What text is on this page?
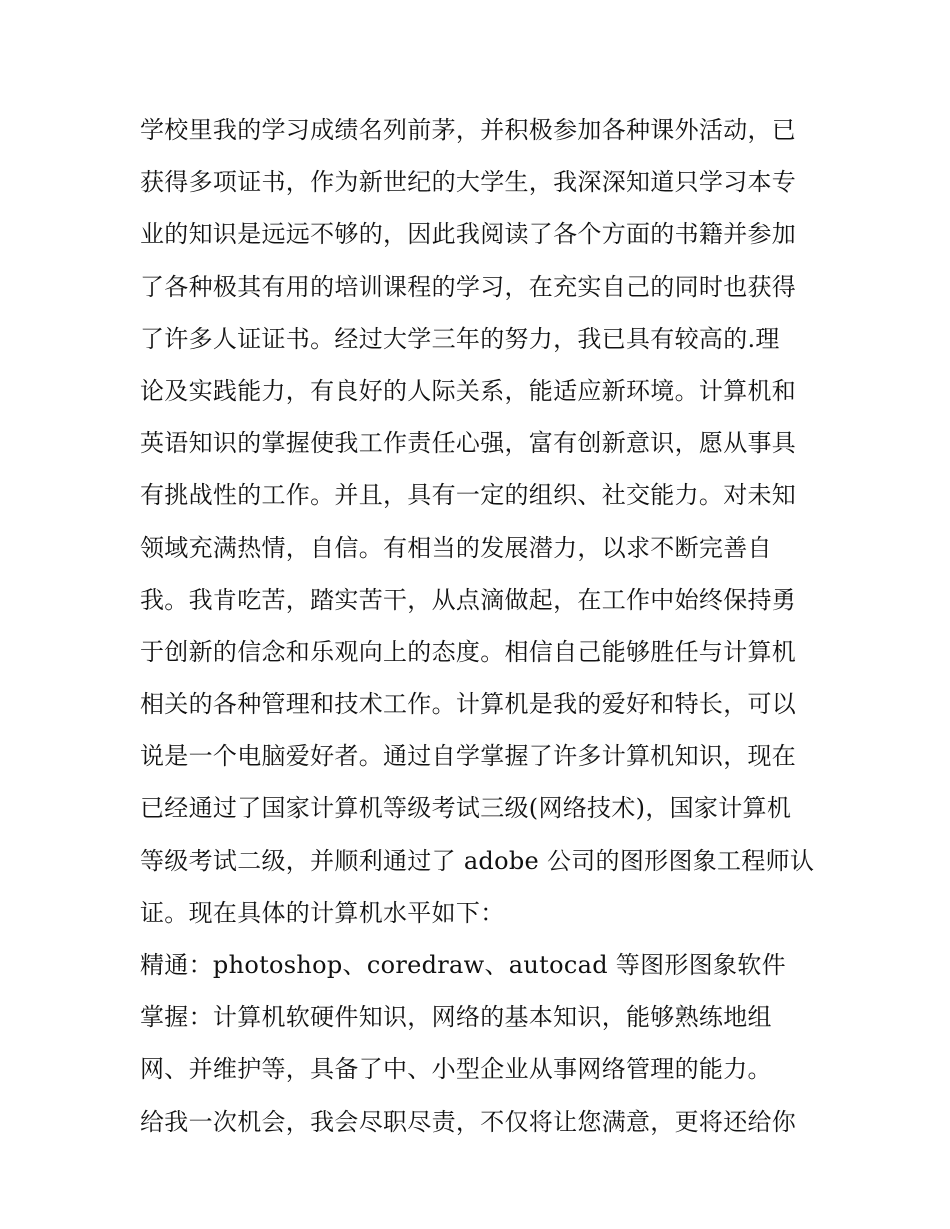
学校里我的学习成绩名列前茅，并积极参加各种课外活动，已
获得多项证书，作为新世纪的大学生，我深深知道只学习本专
业的知识是远远不够的，因此我阅读了各个方面的书籍并参加
了各种极其有用的培训课程的学习，在充实自己的同时也获得
了许多人证证书。经过大学三年的努力，我已具有较高的.理
论及实践能力，有良好的人际关系，能适应新环境。计算机和
英语知识的掌握使我工作责任心强，富有创新意识，愿从事具
有挑战性的工作。并且，具有一定的组织、社交能力。对未知
领域充满热情，自信。有相当的发展潜力，以求不断完善自
我。我肯吃苦，踏实苦干，从点滴做起，在工作中始终保持勇
于创新的信念和乐观向上的态度。相信自己能够胜任与计算机
相关的各种管理和技术工作。计算机是我的爱好和特长，可以
说是一个电脑爱好者。通过自学掌握了许多计算机知识，现在
已经通过了国家计算机等级考试三级(网络技术)，国家计算机
等级考试二级，并顺利通过了 adobe 公司的图形图象工程师认
证。现在具体的计算机水平如下：
精通：photoshop、coredraw、autocad 等图形图象软件
掌握：计算机软硬件知识，网络的基本知识，能够熟练地组
网、并维护等，具备了中、小型企业从事网络管理的能力。
给我一次机会，我会尽职尽责，不仅将让您满意，更将还给你
